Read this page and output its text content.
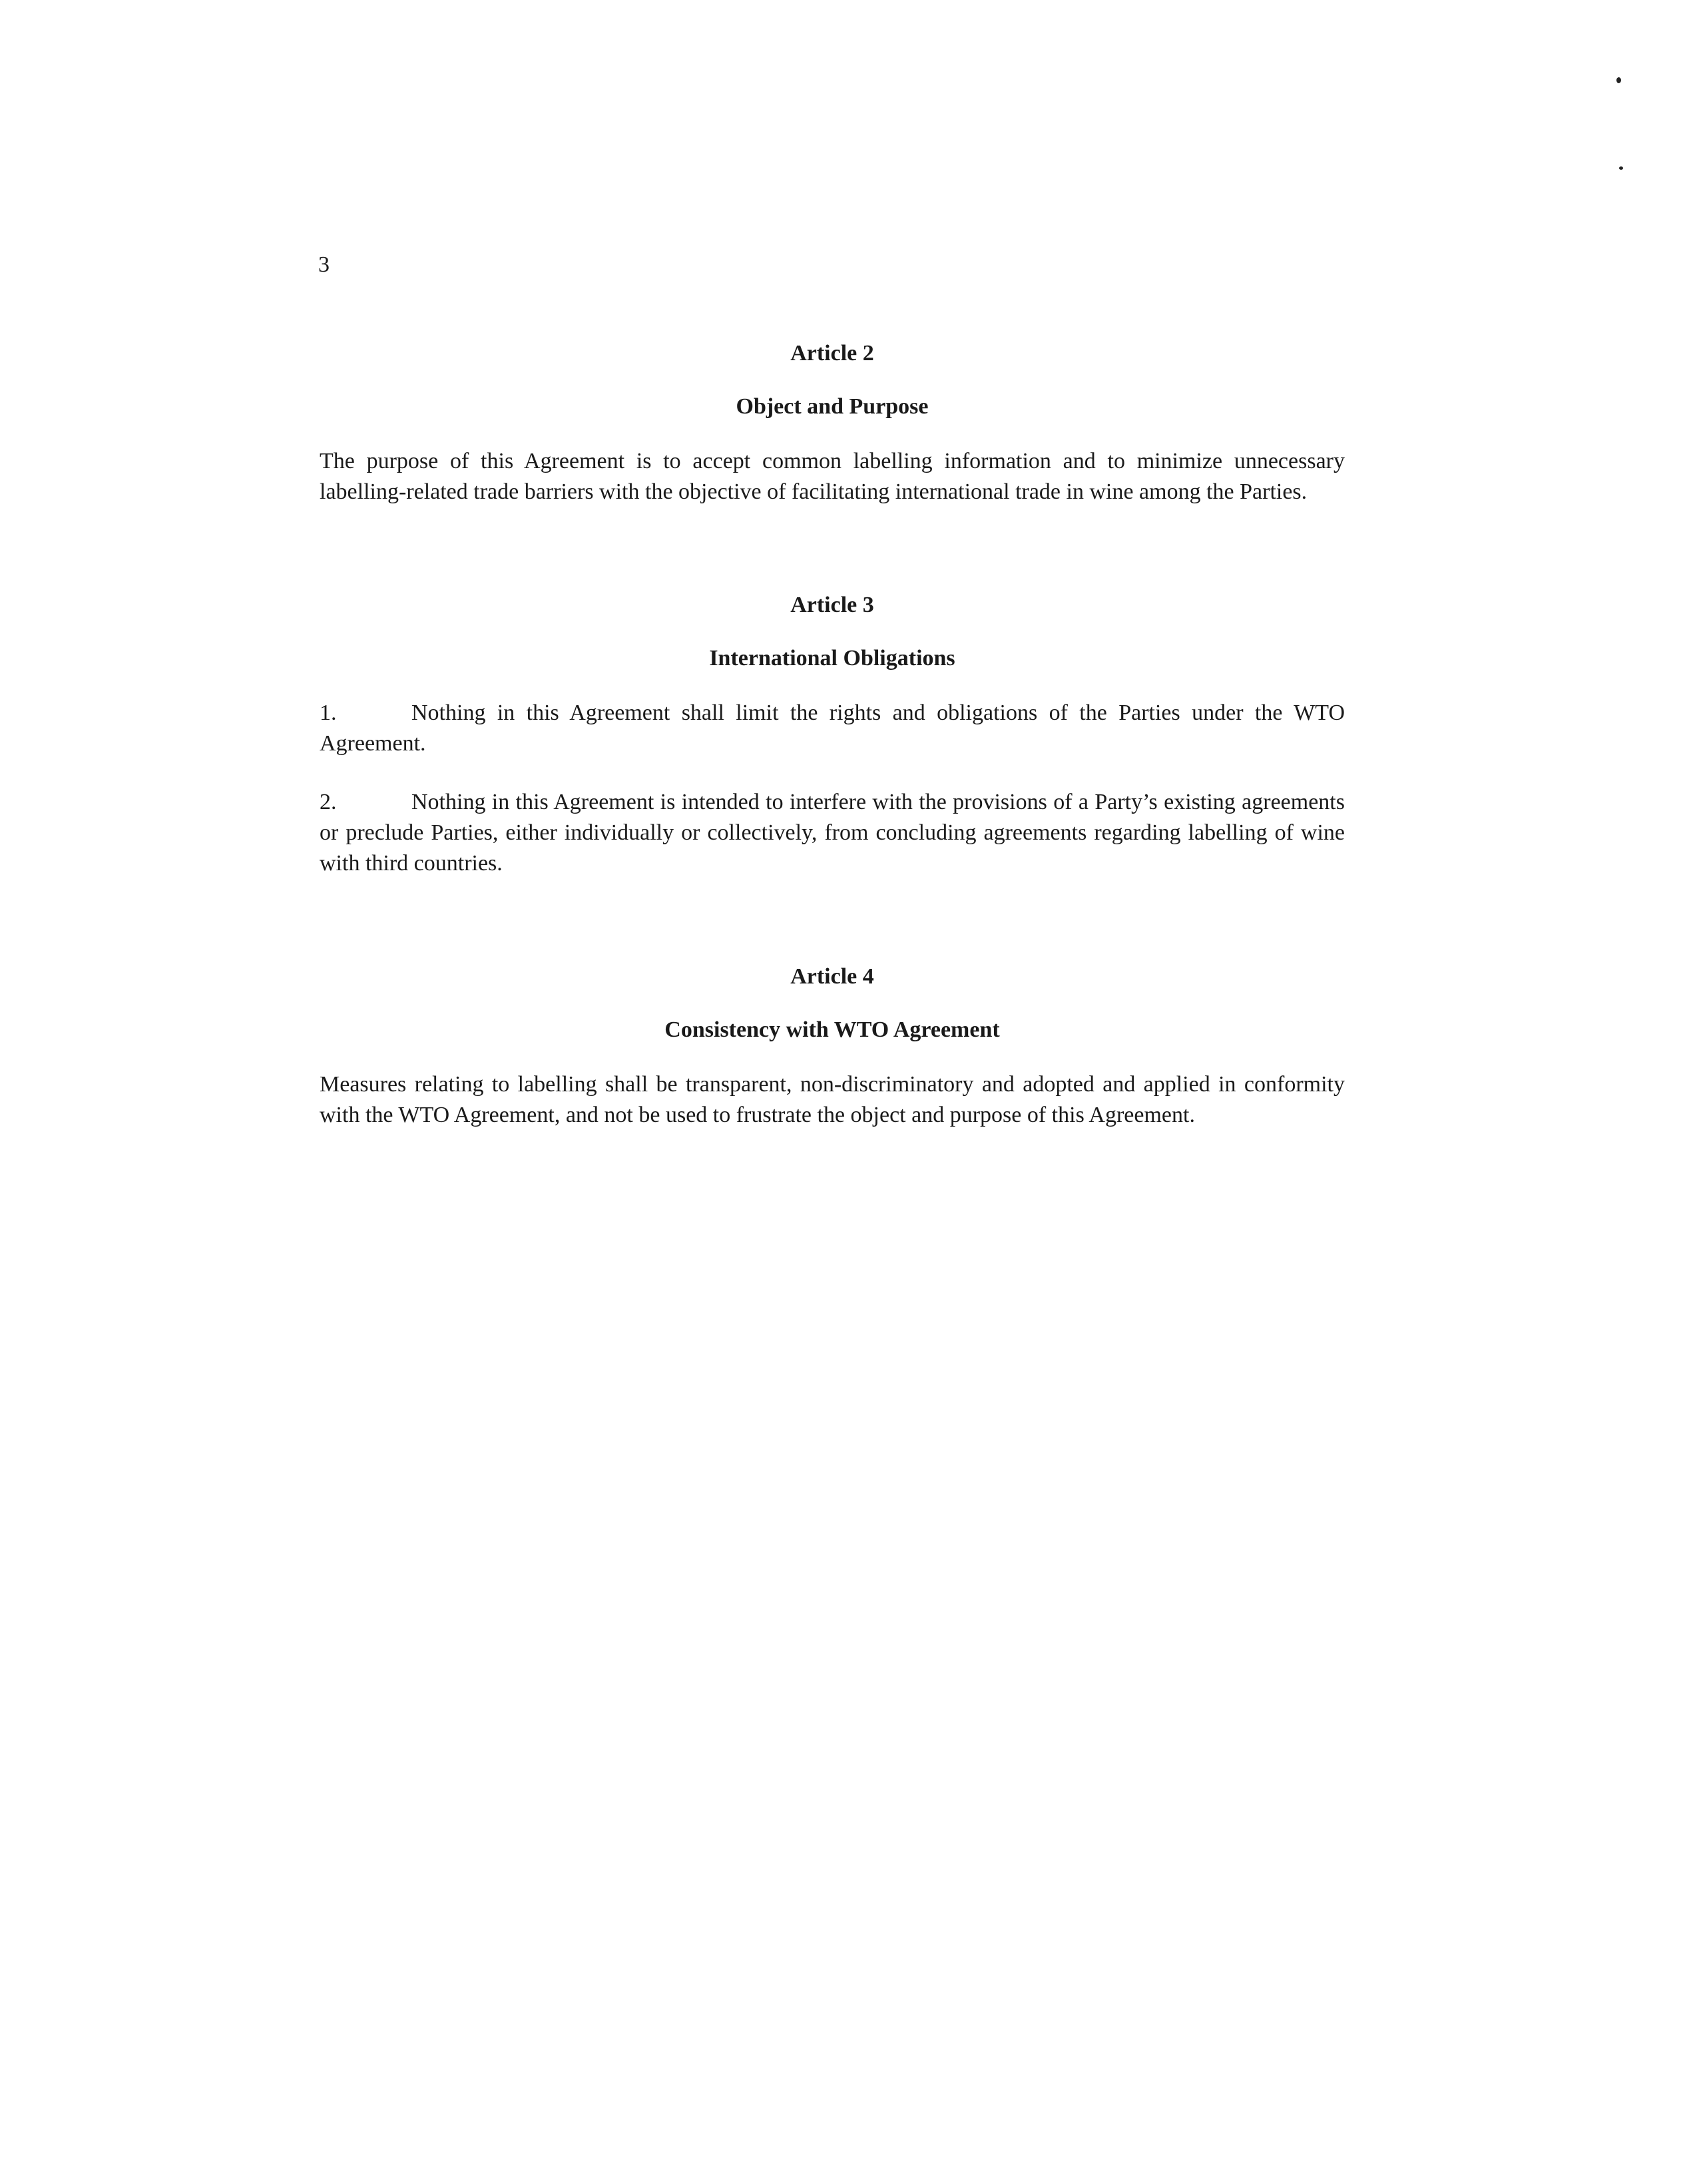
3
Article 2
Object and Purpose

The purpose of this Agreement is to accept common labelling information and to minimize unnecessary labelling-related trade barriers with the objective of facilitating international trade in wine among the Parties.

Article 3
International Obligations

1.	Nothing in this Agreement shall limit the rights and obligations of the Parties under the WTO Agreement.

2.	Nothing in this Agreement is intended to interfere with the provisions of a Party’s existing agreements or preclude Parties, either individually or collectively, from concluding agreements regarding labelling of wine with third countries.

Article 4
Consistency with WTO Agreement

Measures relating to labelling shall be transparent, non-discriminatory and adopted and applied in conformity with the WTO Agreement, and not be used to frustrate the object and purpose of this Agreement.
